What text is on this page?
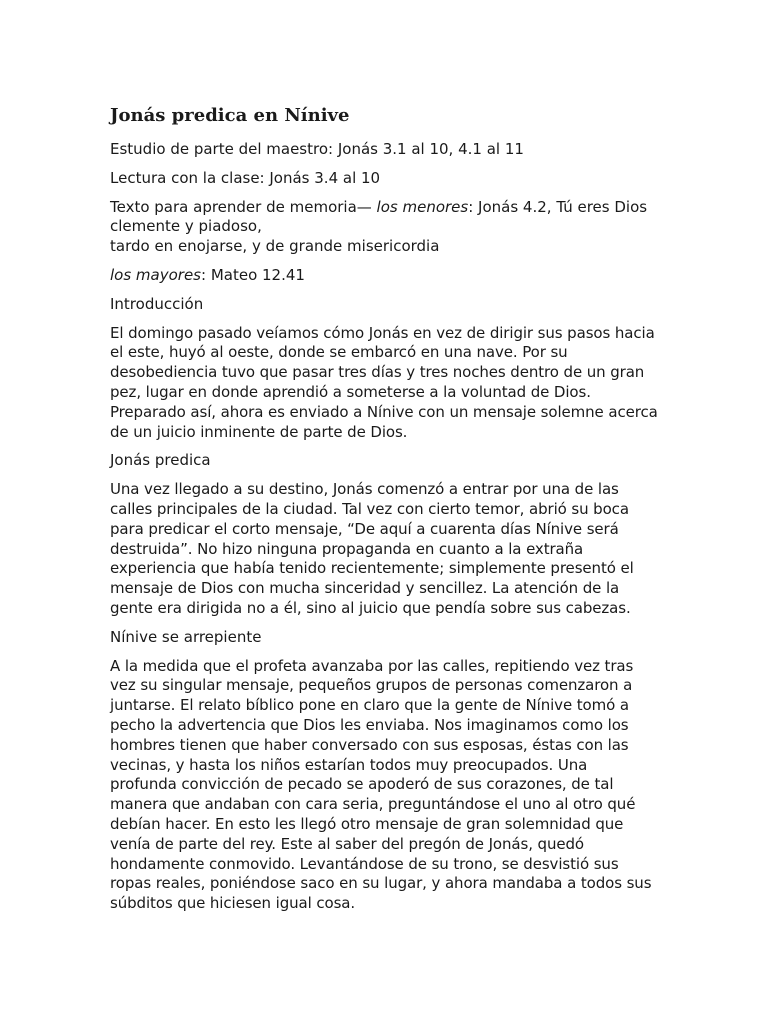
Jonás predica en Nínive
Estudio de parte del maestro: Jonás 3.1 al 10, 4.1 al 11
Lectura con la clase: Jonás 3.4 al 10
Texto para aprender de memoria— los menores: Jonás 4.2, Tú eres Dios clemente y piadoso,
tardo en enojarse, y de grande misericordia
los mayores: Mateo 12.41
Introducción
El domingo pasado veíamos cómo Jonás en vez de dirigir sus pasos hacia el este, huyó al oeste, donde se embarcó en una nave. Por su desobediencia tuvo que pasar tres días y tres noches dentro de un gran pez, lugar en donde aprendió a someterse a la voluntad de Dios. Preparado así, ahora es enviado a Nínive con un mensaje solemne acerca de un juicio inminente de parte de Dios.
Jonás predica
Una vez llegado a su destino, Jonás comenzó a entrar por una de las calles principales de la ciudad. Tal vez con cierto temor, abrió su boca para predicar el corto mensaje, “De aquí a cuarenta días Nínive será destruida”. No hizo ninguna propaganda en cuanto a la extraña experiencia que había tenido recientemente; simplemente presentó el mensaje de Dios con mucha sinceridad y sencillez. La atención de la gente era dirigida no a él, sino al juicio que pendía sobre sus cabezas.
Nínive se arrepiente
A la medida que el profeta avanzaba por las calles, repitiendo vez tras vez su singular mensaje, pequeños grupos de personas comenzaron a juntarse. El relato bíblico pone en claro que la gente de Nínive tomó a pecho la advertencia que Dios les enviaba. Nos imaginamos como los hombres tienen que haber conversado con sus esposas, éstas con las vecinas, y hasta los niños estarían todos muy preocupados. Una profunda convicción de pecado se apoderó de sus corazones, de tal manera que andaban con cara seria, preguntándose el uno al otro qué debían hacer. En esto les llegó otro mensaje de gran solemnidad que venía de parte del rey. Este al saber del pregón de Jonás, quedó hondamente conmovido. Levantándose de su trono, se desvistió sus ropas reales, poniéndose saco en su lugar, y ahora mandaba a todos sus súbditos que hiciesen igual cosa.
